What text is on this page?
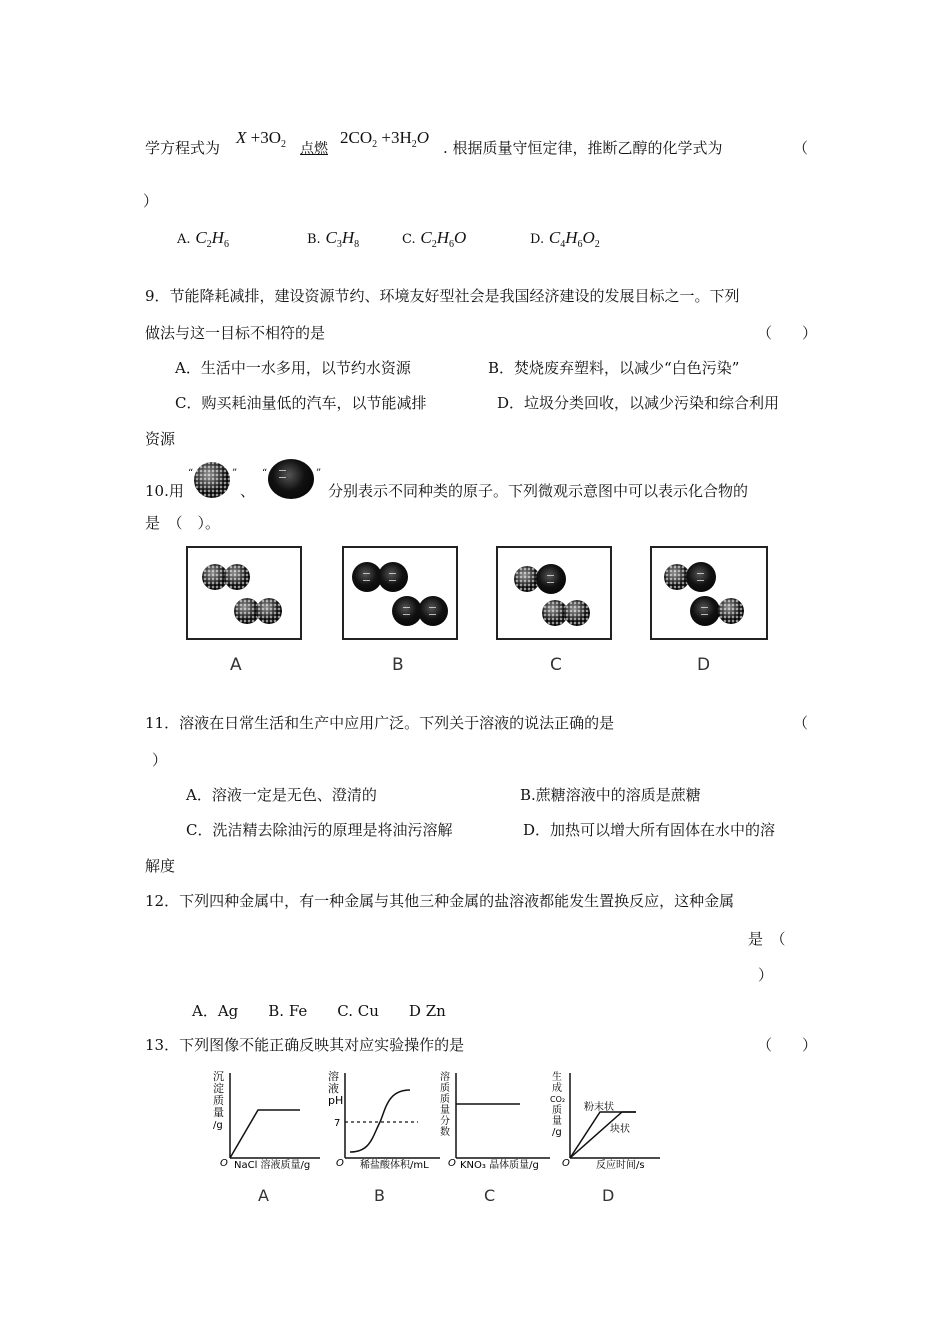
学方程式为
$X +3O_2$ 点燃
$2CO_2 +3H_2O$
. 根据质量守恒定律，推断乙醇的化学式为	（
）
A. $C_2H_6$	B. $C_3H_8$	C. $C_2H_6O$	D. $C_4H_6O_2$
9．节能降耗减排，建设资源节约、环境友好型社会是我国经济建设的发展目标之一。下列
做法与这一目标不相符的是	（　　）
A．生活中一水多用，以节约水资源	B．焚烧废弃塑料，以减少“白色污染”
C．购买耗油量低的汽车，以节能减排	D．垃圾分类回收，以减少污染和综合利用
资源
10.用
“	”
、
“	”
分别表示不同种类的原子。下列微观示意图中可以表示化合物的
是　（　）。
A	B	C	D
11．溶液在日常生活和生产中应用广泛。下列关于溶液的说法正确的是	（
）
A．溶液一定是无色、澄清的	B.蔗糖溶液中的溶质是蔗糖
C．洗洁精去除油污的原理是将油污溶解	D．加热可以增大所有固体在水中的溶
解度
12．下列四种金属中，有一种金属与其他三种金属的盐溶液都能发生置换反应，这种金属
是　（
）
A．Ag　　B. Fe　　C. Cu　　D Zn
13．下列图像不能正确反映其对应实验操作的是	（　　）
沉
淀
质
量
/g
O NaCl 溶液质量/g
A
溶
液
pH
7
O 稀盐酸体积/mL
B
溶
质
质
量
分
数
O KNO₃ 晶体质量/g
C
生
成
CO₂
质
量
/g
粉末状
块状
O	反应时间/s
D
